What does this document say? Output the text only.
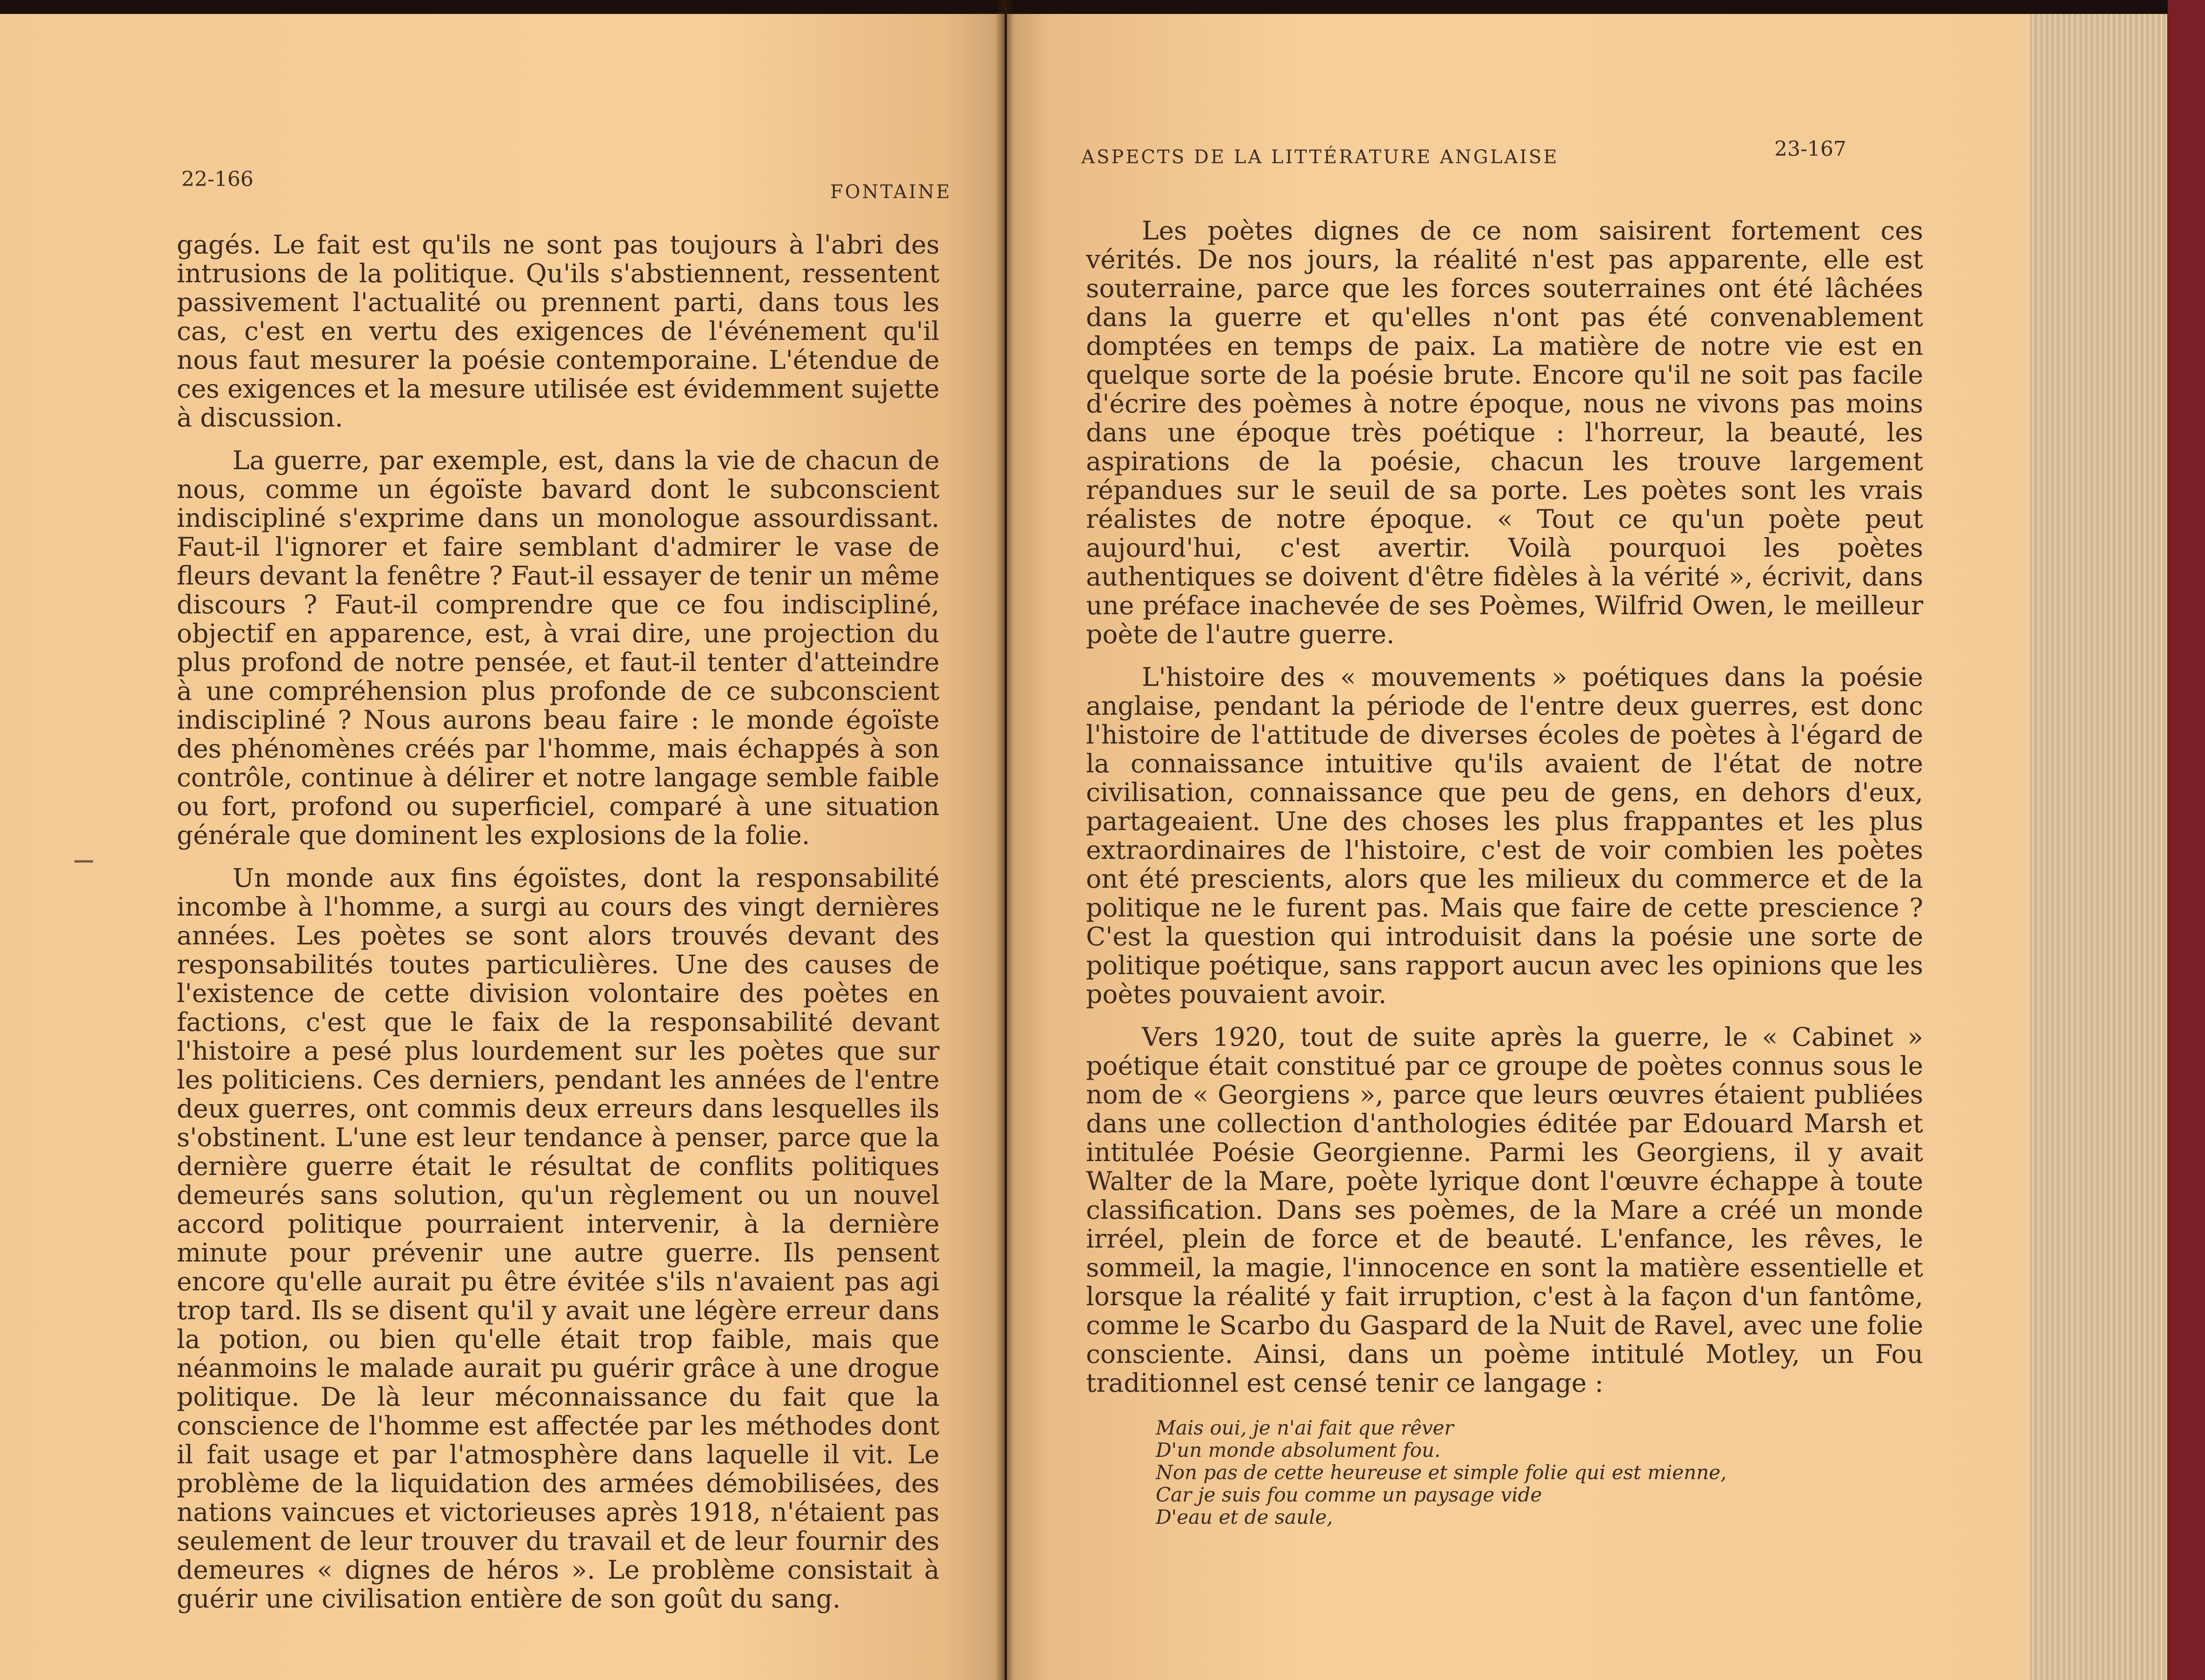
22-166
FONTAINE

gagés. Le fait est qu'ils ne sont pas toujours à l'abri des intrusions de la politique. Qu'ils s'abstiennent, ressentent passivement l'actualité ou prennent parti, dans tous les cas, c'est en vertu des exigences de l'événement qu'il nous faut mesurer la poésie contemporaine. L'étendue de ces exigences et la mesure utilisée est évidemment sujette à discussion.

La guerre, par exemple, est, dans la vie de chacun de nous, comme un égoïste bavard dont le subconscient indiscipliné s'exprime dans un monologue assourdissant. Faut-il l'ignorer et faire semblant d'admirer le vase de fleurs devant la fenêtre ? Faut-il essayer de tenir un même discours ? Faut-il comprendre que ce fou indiscipliné, objectif en apparence, est, à vrai dire, une projection du plus profond de notre pensée, et faut-il tenter d'atteindre à une compréhension plus profonde de ce subconscient indiscipliné ? Nous aurons beau faire : le monde égoïste des phénomènes créés par l'homme, mais échappés à son contrôle, continue à délirer et notre langage semble faible ou fort, profond ou superficiel, comparé à une situation générale que dominent les explosions de la folie.

Un monde aux fins égoïstes, dont la responsabilité incombe à l'homme, a surgi au cours des vingt dernières années. Les poètes se sont alors trouvés devant des responsabilités toutes particulières. Une des causes de l'existence de cette division volontaire des poètes en factions, c'est que le faix de la responsabilité devant l'histoire a pesé plus lourdement sur les poètes que sur les politiciens. Ces derniers, pendant les années de l'entre deux guerres, ont commis deux erreurs dans lesquelles ils s'obstinent. L'une est leur tendance à penser, parce que la dernière guerre était le résultat de conflits politiques demeurés sans solution, qu'un règlement ou un nouvel accord politique pourraient intervenir, à la dernière minute pour prévenir une autre guerre. Ils pensent encore qu'elle aurait pu être évitée s'ils n'avaient pas agi trop tard. Ils se disent qu'il y avait une légère erreur dans la potion, ou bien qu'elle était trop faible, mais que néanmoins le malade aurait pu guérir grâce à une drogue politique. De là leur méconnaissance du fait que la conscience de l'homme est affectée par les méthodes dont il fait usage et par l'atmosphère dans laquelle il vit. Le problème de la liquidation des armées démobilisées, des nations vaincues et victorieuses après 1918, n'étaient pas seulement de leur trouver du travail et de leur fournir des demeures « dignes de héros ». Le problème consistait à guérir une civilisation entière de son goût du sang.

ASPECTS DE LA LITTÉRATURE ANGLAISE	23-167

Les poètes dignes de ce nom saisirent fortement ces vérités. De nos jours, la réalité n'est pas apparente, elle est souterraine, parce que les forces souterraines ont été lâchées dans la guerre et qu'elles n'ont pas été convenablement domptées en temps de paix. La matière de notre vie est en quelque sorte de la poésie brute. Encore qu'il ne soit pas facile d'écrire des poèmes à notre époque, nous ne vivons pas moins dans une époque très poétique : l'horreur, la beauté, les aspirations de la poésie, chacun les trouve largement répandues sur le seuil de sa porte. Les poètes sont les vrais réalistes de notre époque. « Tout ce qu'un poète peut aujourd'hui, c'est avertir. Voilà pourquoi les poètes authentiques se doivent d'être fidèles à la vérité », écrivit, dans une préface inachevée de ses Poèmes, Wilfrid Owen, le meilleur poète de l'autre guerre.

L'histoire des « mouvements » poétiques dans la poésie anglaise, pendant la période de l'entre deux guerres, est donc l'histoire de l'attitude de diverses écoles de poètes à l'égard de la connaissance intuitive qu'ils avaient de l'état de notre civilisation, connaissance que peu de gens, en dehors d'eux, partageaient. Une des choses les plus frappantes et les plus extraordinaires de l'histoire, c'est de voir combien les poètes ont été prescients, alors que les milieux du commerce et de la politique ne le furent pas. Mais que faire de cette prescience ? C'est la question qui introduisit dans la poésie une sorte de politique poétique, sans rapport aucun avec les opinions que les poètes pouvaient avoir.

Vers 1920, tout de suite après la guerre, le « Cabinet » poétique était constitué par ce groupe de poètes connus sous le nom de « Georgiens », parce que leurs œuvres étaient publiées dans une collection d'anthologies éditée par Edouard Marsh et intitulée Poésie Georgienne. Parmi les Georgiens, il y avait Walter de la Mare, poète lyrique dont l'œuvre échappe à toute classification. Dans ses poèmes, de la Mare a créé un monde irréel, plein de force et de beauté. L'enfance, les rêves, le sommeil, la magie, l'innocence en sont la matière essentielle et lorsque la réalité y fait irruption, c'est à la façon d'un fantôme, comme le Scarbo du Gaspard de la Nuit de Ravel, avec une folie consciente. Ainsi, dans un poème intitulé Motley, un Fou traditionnel est censé tenir ce langage :

Mais oui, je n'ai fait que rêver
D'un monde absolument fou.
Non pas de cette heureuse et simple folie qui est mienne,
Car je suis fou comme un paysage vide
D'eau et de saule,
